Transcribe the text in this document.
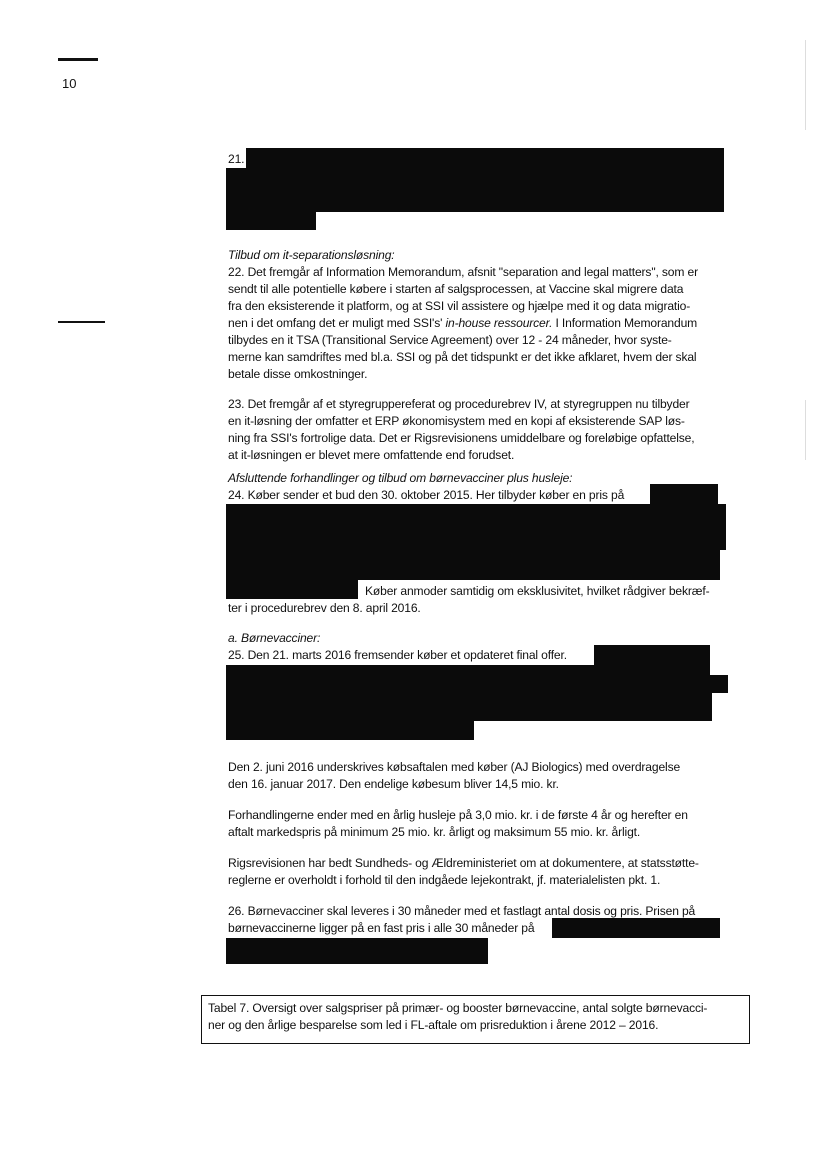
10
21.
Tilbud om it-separationsløsning:
22. Det fremgår af Information Memorandum, afsnit "separation and legal matters", som er
sendt til alle potentielle købere i starten af salgsprocessen, at Vaccine skal migrere data
fra den eksisterende it platform, og at SSI vil assistere og hjælpe med it og data migratio-
nen i det omfang det er muligt med SSI's' in-house ressourcer. I Information Memorandum
tilbydes en it TSA (Transitional Service Agreement) over 12 - 24 måneder, hvor syste-
merne kan samdriftes med bl.a. SSI og på det tidspunkt er det ikke afklaret, hvem der skal
betale disse omkostninger.
23. Det fremgår af et styregruppereferat og procedurebrev IV, at styregruppen nu tilbyder
en it-løsning der omfatter et ERP økonomisystem med en kopi af eksisterende SAP løs-
ning fra SSI's fortrolige data. Det er Rigsrevisionens umiddelbare og foreløbige opfattelse,
at it-løsningen er blevet mere omfattende end forudset.
Afsluttende forhandlinger og tilbud om børnevacciner plus husleje:
24. Køber sender et bud den 30. oktober 2015. Her tilbyder køber en pris på
Køber anmoder samtidig om eksklusivitet, hvilket rådgiver bekræf-
ter i procedurebrev den 8. april 2016.
a. Børnevacciner:
25. Den 21. marts 2016 fremsender køber et opdateret final offer.
Den 2. juni 2016 underskrives købsaftalen med køber (AJ Biologics) med overdragelse
den 16. januar 2017. Den endelige købesum bliver 14,5 mio. kr.
Forhandlingerne ender med en årlig husleje på 3,0 mio. kr. i de første 4 år og herefter en
aftalt markedspris på minimum 25 mio. kr. årligt og maksimum 55 mio. kr. årligt.
Rigsrevisionen har bedt Sundheds- og Ældreministeriet om at dokumentere, at statsstøtte-
reglerne er overholdt i forhold til den indgåede lejekontrakt, jf. materialelisten pkt. 1.
26. Børnevacciner skal leveres i 30 måneder med et fastlagt antal dosis og pris. Prisen på
børnevaccinerne ligger på en fast pris i alle 30 måneder på
Tabel 7. Oversigt over salgspriser på primær- og booster børnevaccine, antal solgte børnevacci-
ner og den årlige besparelse som led i FL-aftale om prisreduktion i årene 2012 – 2016.
